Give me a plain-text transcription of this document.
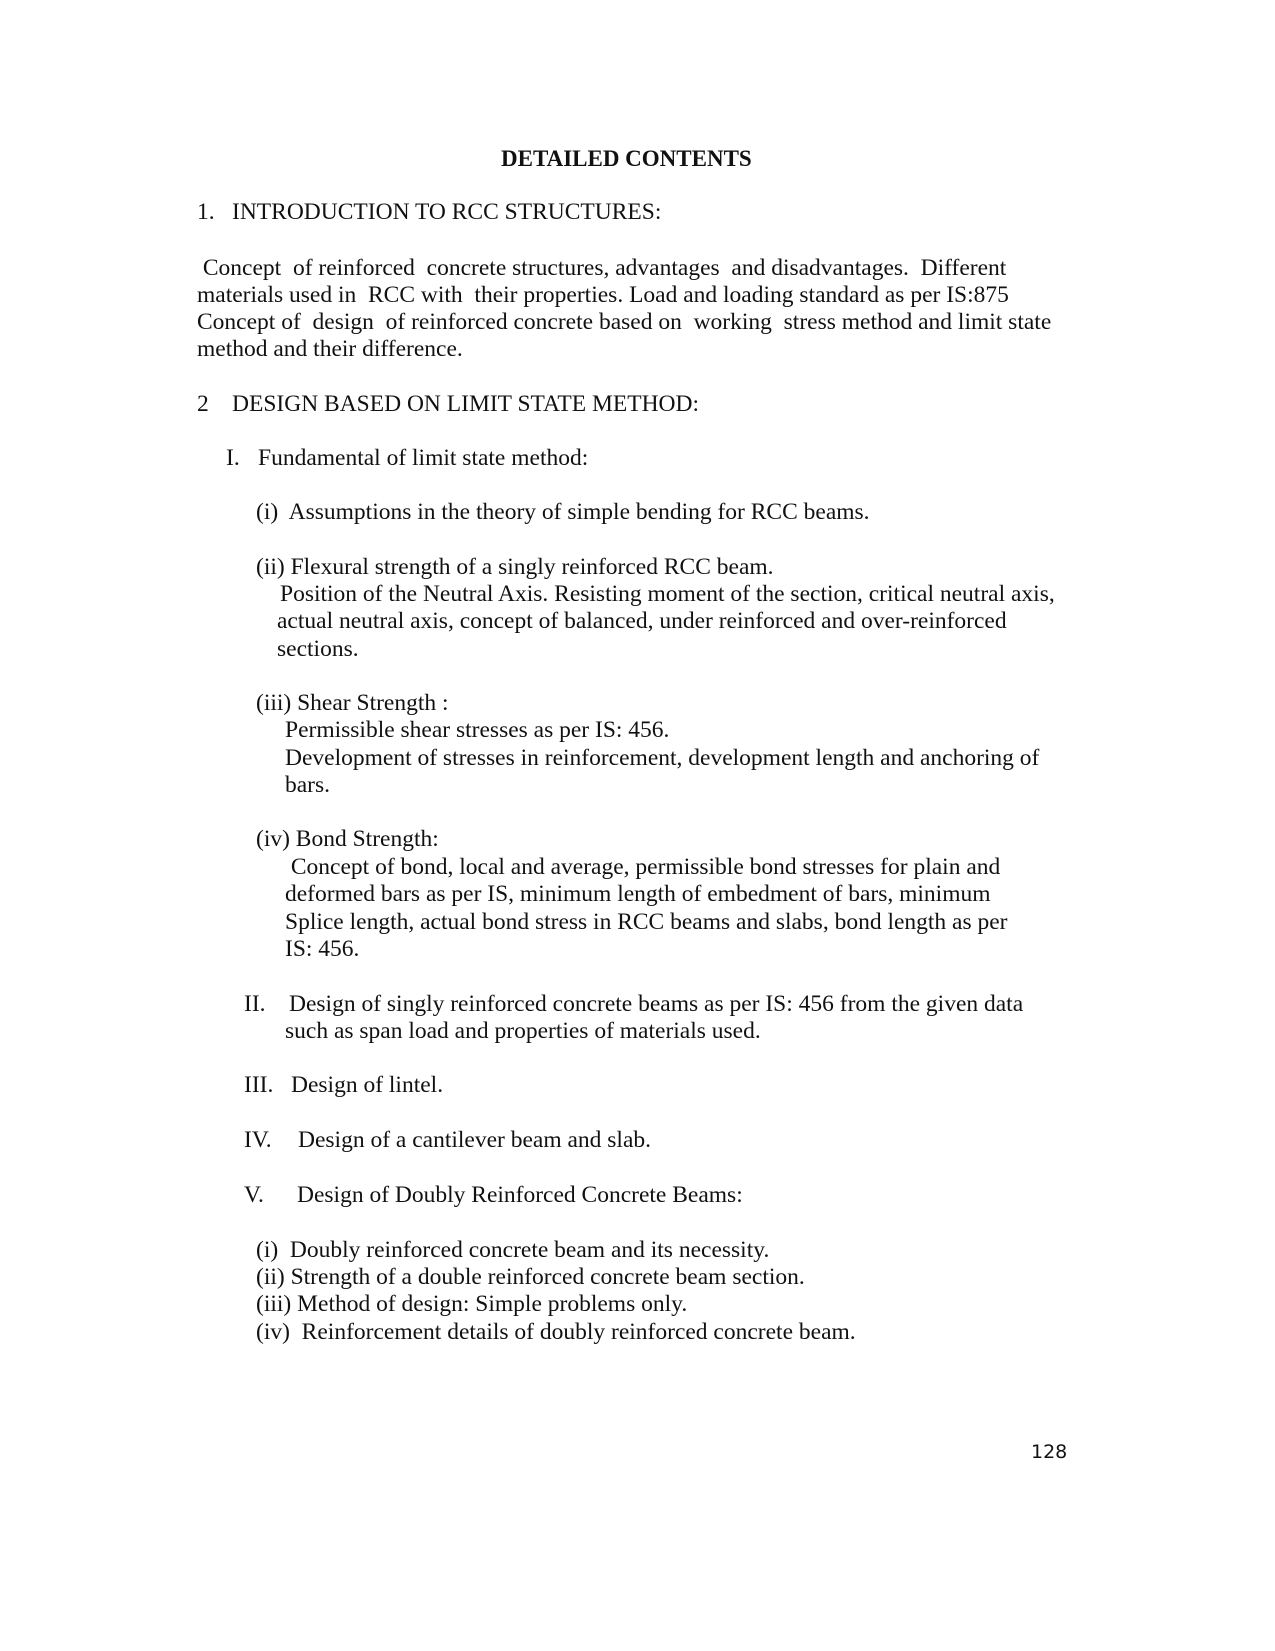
DETAILED CONTENTS
1. INTRODUCTION TO RCC STRUCTURES:
Concept  of reinforced  concrete structures, advantages  and disadvantages.  Different
materials used in  RCC with  their properties. Load and loading standard as per IS:875
Concept of  design  of reinforced concrete based on  working  stress method and limit state
method and their difference.
2 DESIGN BASED ON LIMIT STATE METHOD:
I. Fundamental of limit state method:
(i)  Assumptions in the theory of simple bending for RCC beams.
(ii) Flexural strength of a singly reinforced RCC beam.
Position of the Neutral Axis. Resisting moment of the section, critical neutral axis,
actual neutral axis, concept of balanced, under reinforced and over-reinforced
sections.
(iii) Shear Strength :
Permissible shear stresses as per IS: 456.
Development of stresses in reinforcement, development length and anchoring of
bars.
(iv) Bond Strength:
Concept of bond, local and average, permissible bond stresses for plain and
deformed bars as per IS, minimum length of embedment of bars, minimum
Splice length, actual bond stress in RCC beams and slabs, bond length as per
IS: 456.
II. Design of singly reinforced concrete beams as per IS: 456 from the given data
such as span load and properties of materials used.
III. Design of lintel.
IV. Design of a cantilever beam and slab.
V. Design of Doubly Reinforced Concrete Beams:
(i)  Doubly reinforced concrete beam and its necessity.
(ii) Strength of a double reinforced concrete beam section.
(iii) Method of design: Simple problems only.
(iv)  Reinforcement details of doubly reinforced concrete beam.
128
